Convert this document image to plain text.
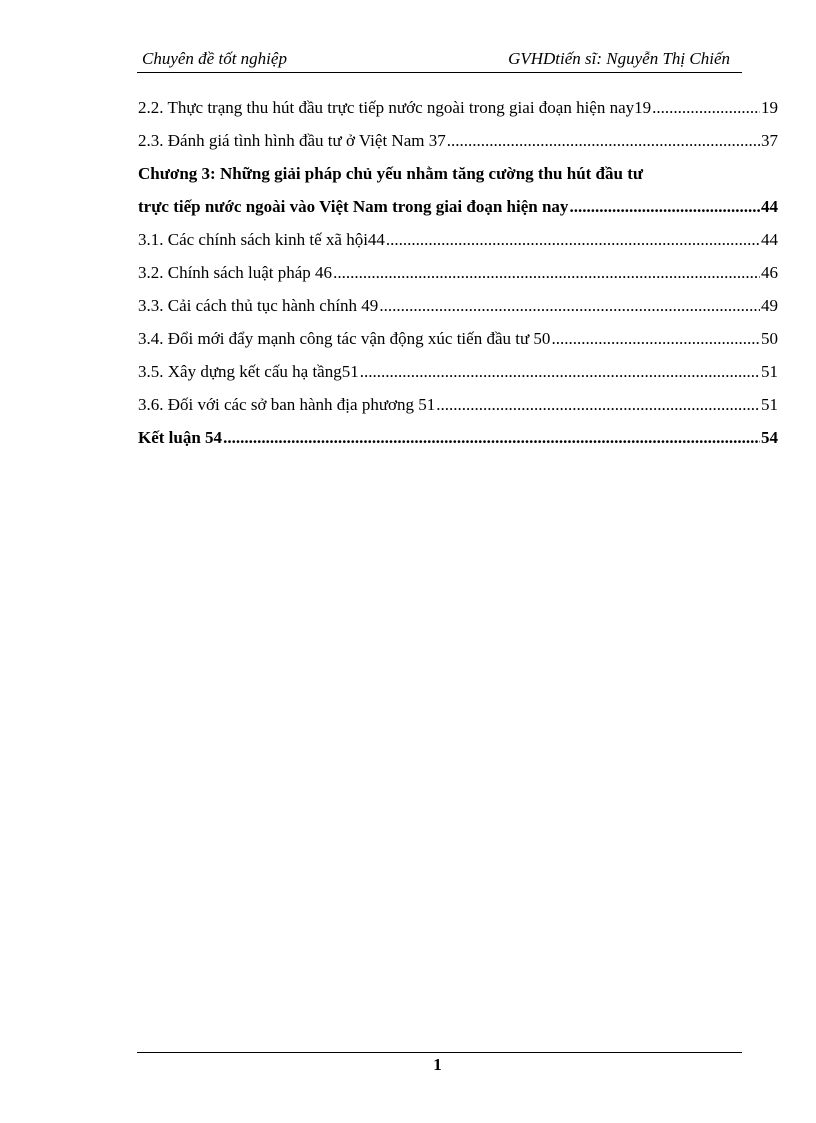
Chuyên đề tốt nghiệp	GVHDtiến sĩ: Nguyễn Thị Chiến
2.2. Thực trạng thu hút đầu trực tiếp nước ngoài trong giai đoạn hiện nay19 .....	19
2.3. Đánh giá tình hình đầu tư ở Việt Nam 37 .....	37
Chương 3: Những giải pháp chủ yếu nhằm tăng cường thu hút đầu tư
trực tiếp nước ngoài vào Việt Nam trong giai đoạn hiện nay .....	44
3.1. Các chính sách kinh tế xã hội44 .....	44
3.2. Chính sách luật pháp 46 .....	46
3.3. Cải cách thủ tục hành chính 49 .....	49
3.4. Đổi mới đẩy mạnh công tác vận động xúc tiến đầu tư 50 .....	50
3.5. Xây dựng kết cấu hạ tầng51 .....	51
3.6. Đối với các sở ban hành địa phương 51 .....	51
Kết luận 54 .....	54
1
